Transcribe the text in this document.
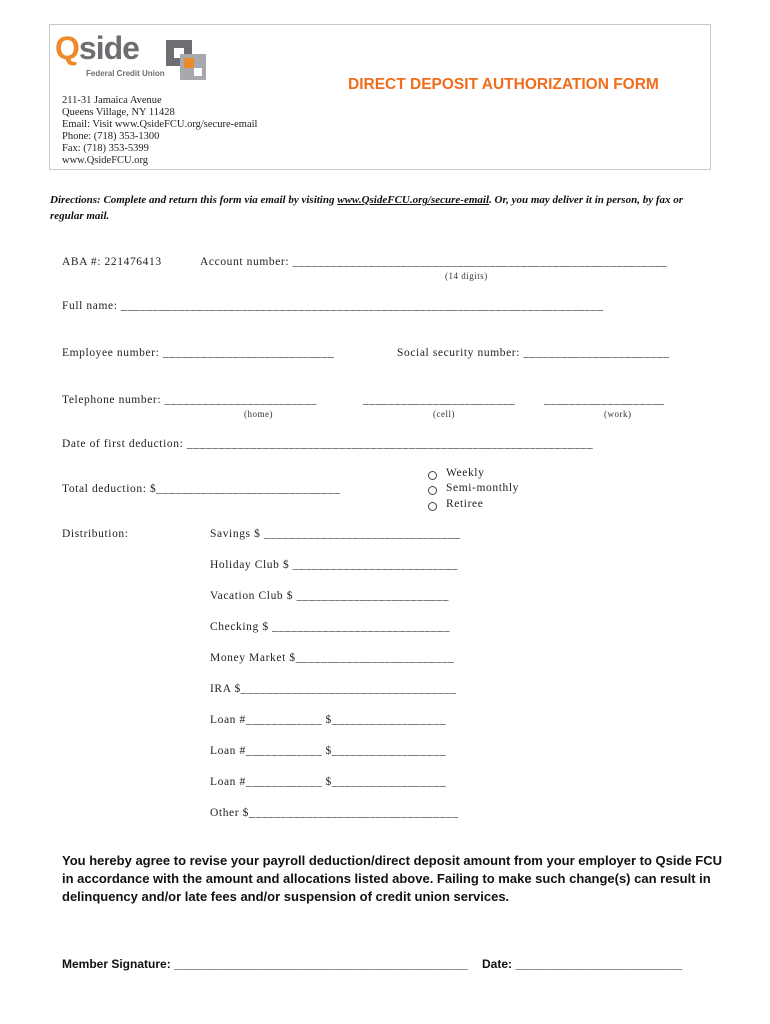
Qside
Federal Credit Union
DIRECT DEPOSIT AUTHORIZATION FORM
211-31 Jamaica Avenue
Queens Village, NY 11428
Email: Visit www.QsideFCU.org/secure-email
Phone: (718) 353-1300
Fax: (718) 353-5399
www.QsideFCU.org
Directions: Complete and return this form via email by visiting www.QsideFCU.org/secure-email. Or, you may deliver it in person, by fax or regular mail.
ABA #: 221476413	Account number: ___________________________________________________________
(14 digits)
Full name: ____________________________________________________________________________
Employee number: ___________________________	Social security number: _______________________
Telephone number: ________________________	________________________ ___________________
(home)	(cell)	(work)
Date of first deduction: ________________________________________________________________
Total deduction: $_____________________________
Weekly
Semi-monthly
Retiree
Distribution:	Savings $ _______________________________
Holiday Club $ __________________________
Vacation Club $ ________________________
Checking $ ____________________________
Money Market $_________________________
IRA $__________________________________
Loan #____________ $__________________
Loan #____________ $__________________
Loan #____________ $__________________
Other $_________________________________
You hereby agree to revise your payroll deduction/direct deposit amount from your employer to Qside FCU in accordance with the amount and allocations listed above. Failing to make such change(s) can result in delinquency and/or late fees and/or suspension of credit union services.
Member Signature: ____________________________________________ Date: _________________________
